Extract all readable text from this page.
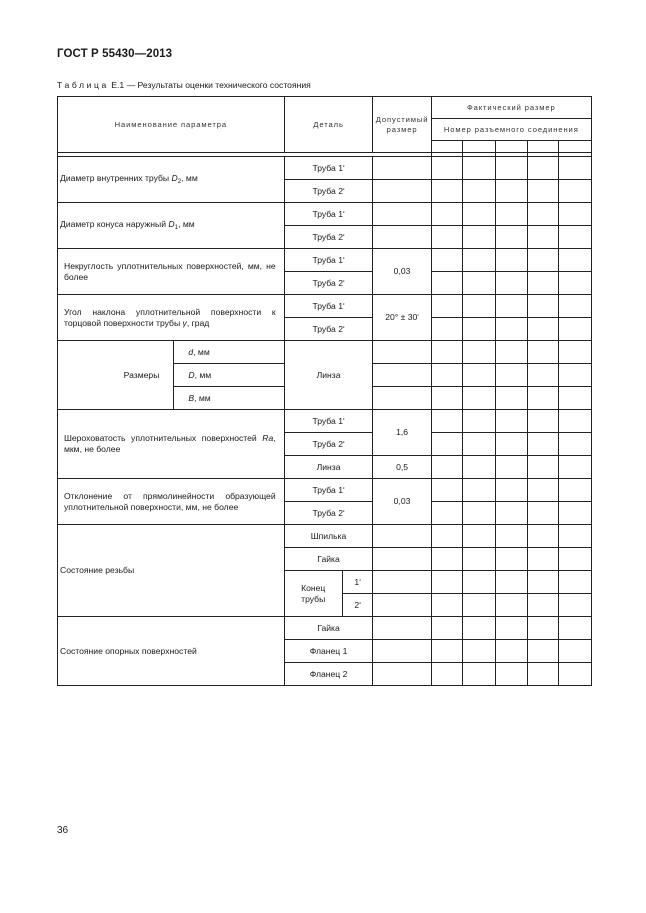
ГОСТ Р 55430—2013
Таблица Е.1 — Результаты оценки технического состояния
Наименование параметра		Деталь		Допустимый размер	Фактический размер				
					Номер разъемного соединения				

Диаметр внутренних трубы $D_2$, мм		Труба 1ʹ							
		Труба 2ʹ							
Диаметр конуса наружный $D_1$, мм		Труба 1ʹ							
		Труба 2ʹ							
Некруглость уплотнительных поверхностей, мм, не более		Труба 1ʹ		0,03					
		Труба 2ʹ							
Угол наклона уплотнительной поверхности к торцовой поверхности трубы γ, град		Труба 1ʹ		20° ± 30ʹ					
		Труба 2ʹ							
Размеры	d, мм	Линза							
	D, мм								
	B, мм								
Шероховатость уплотнительных поверхностей Ra, мкм, не более		Труба 1ʹ		1,6					
		Труба 2ʹ							
		Линза		0,5					
Отклонение от прямолинейности образующей уплотнительной поверхности, мм, не более		Труба 1ʹ		0,03					
		Труба 2ʹ							
Состояние резьбы		Шпилька							
		Гайка							
		Конец трубы	1ʹ						
			2ʹ						
Состояние опорных поверхностей		Гайка							
		Фланец 1							
		Фланец 2							
36
